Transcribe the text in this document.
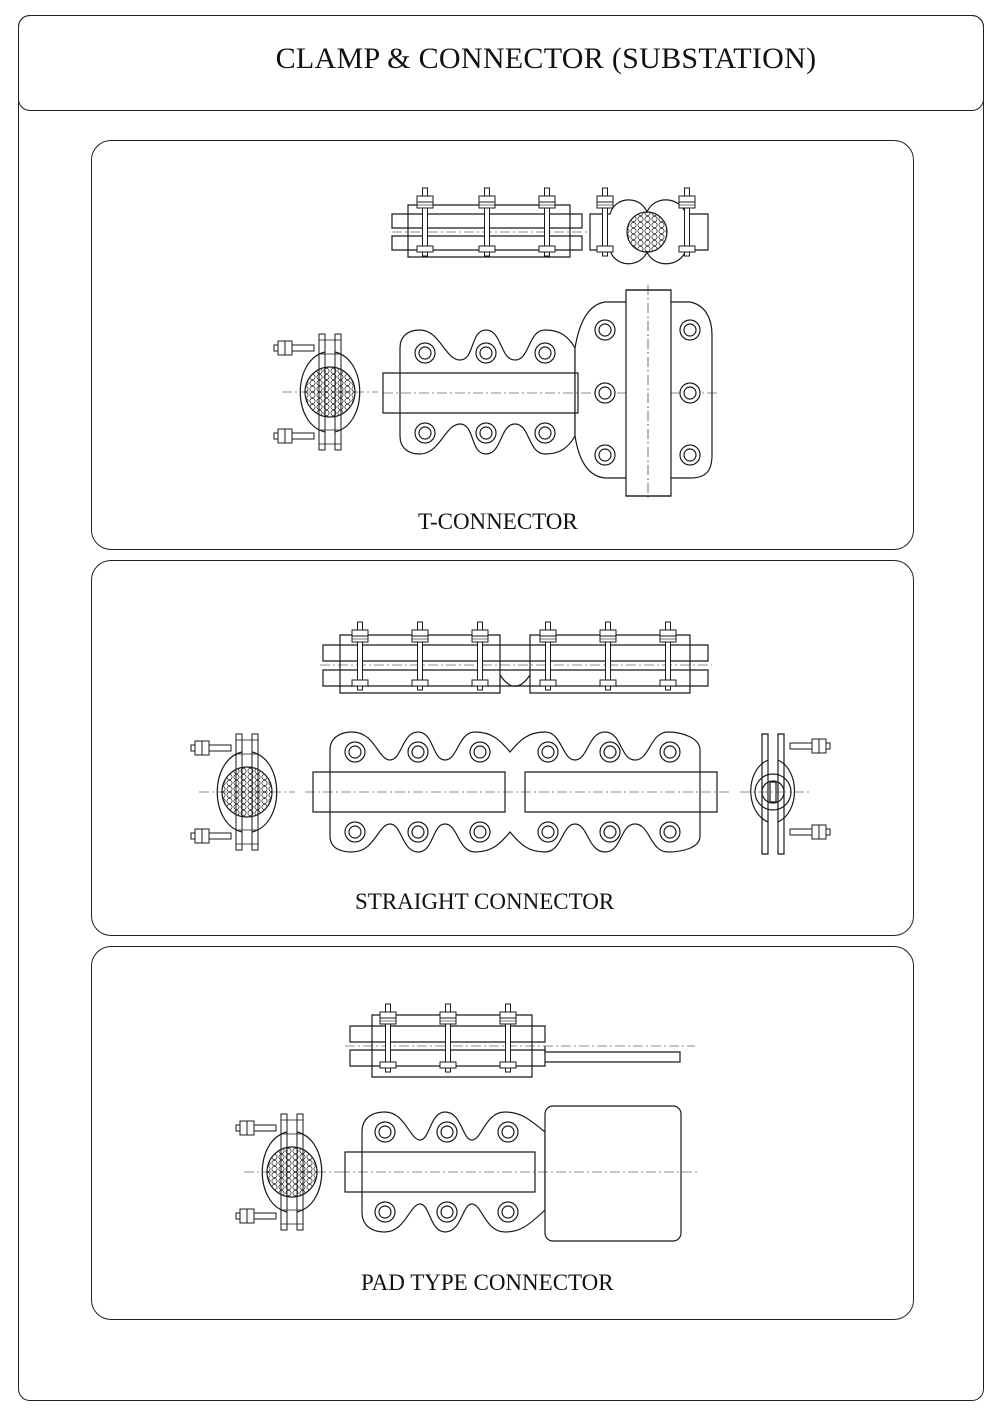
CLAMP & CONNECTOR (SUBSTATION)
T-CONNECTOR
STRAIGHT CONNECTOR
PAD TYPE CONNECTOR
